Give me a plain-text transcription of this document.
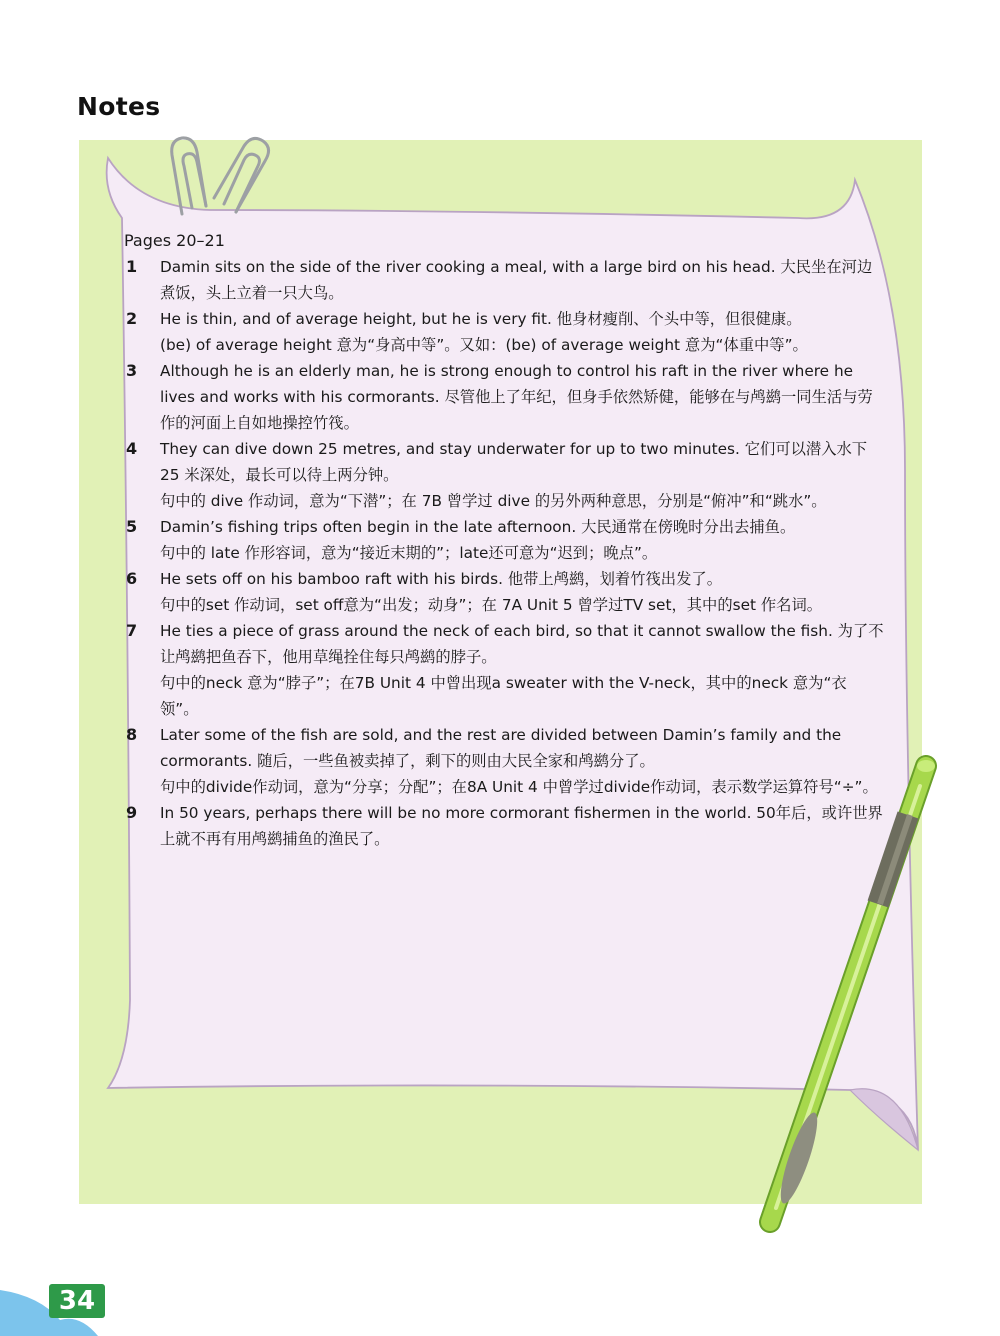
Notes
Pages 20–21
1 Damin sits on the side of the river cooking a meal, with a large bird on his head. 大民坐在河边煮饭，头上立着一只大鸟。

2 He is thin, and of average height, but he is very fit. 他身材瘦削、个头中等，但很健康。

(be) of average height 意为“身高中等”。又如：(be) of average weight 意为“体重中等”。

3 Although he is an elderly man, he is strong enough to control his raft in the river where he lives and works with his cormorants. 尽管他上了年纪，但身手依然矫健，能够在与鸬鹚一同生活与劳作的河面上自如地操控竹筏。

4 They can dive down 25 metres, and stay underwater for up to two minutes. 它们可以潜入水下 25 米深处，最长可以待上两分钟。

句中的 dive 作动词，意为“下潜”；在 7B 曾学过 dive 的另外两种意思，分别是“俯冲”和“跳水”。

5 Damin’s fishing trips often begin in the late afternoon. 大民通常在傍晚时分出去捕鱼。

句中的 late 作形容词，意为“接近末期的”；late还可意为“迟到；晚点”。

6 He sets off on his bamboo raft with his birds. 他带上鸬鹚，划着竹筏出发了。

句中的set 作动词，set off意为“出发；动身”；在 7A Unit 5 曾学过TV set，其中的set 作名词。

7 He ties a piece of grass around the neck of each bird, so that it cannot swallow the fish. 为了不让鸬鹚把鱼吞下，他用草绳拴住每只鸬鹚的脖子。

句中的neck 意为“脖子”；在7B Unit 4 中曾出现a sweater with the V-neck，其中的neck 意为“衣领”。

8 Later some of the fish are sold, and the rest are divided between Damin’s family and the cormorants. 随后，一些鱼被卖掉了，剩下的则由大民全家和鸬鹚分了。

句中的divide作动词，意为“分享；分配”；在8A Unit 4 中曾学过divide作动词，表示数学运算符号“÷”。

9 In 50 years, perhaps there will be no more cormorant fishermen in the world. 50年后，或许世界上就不再有用鸬鹚捕鱼的渔民了。

34
